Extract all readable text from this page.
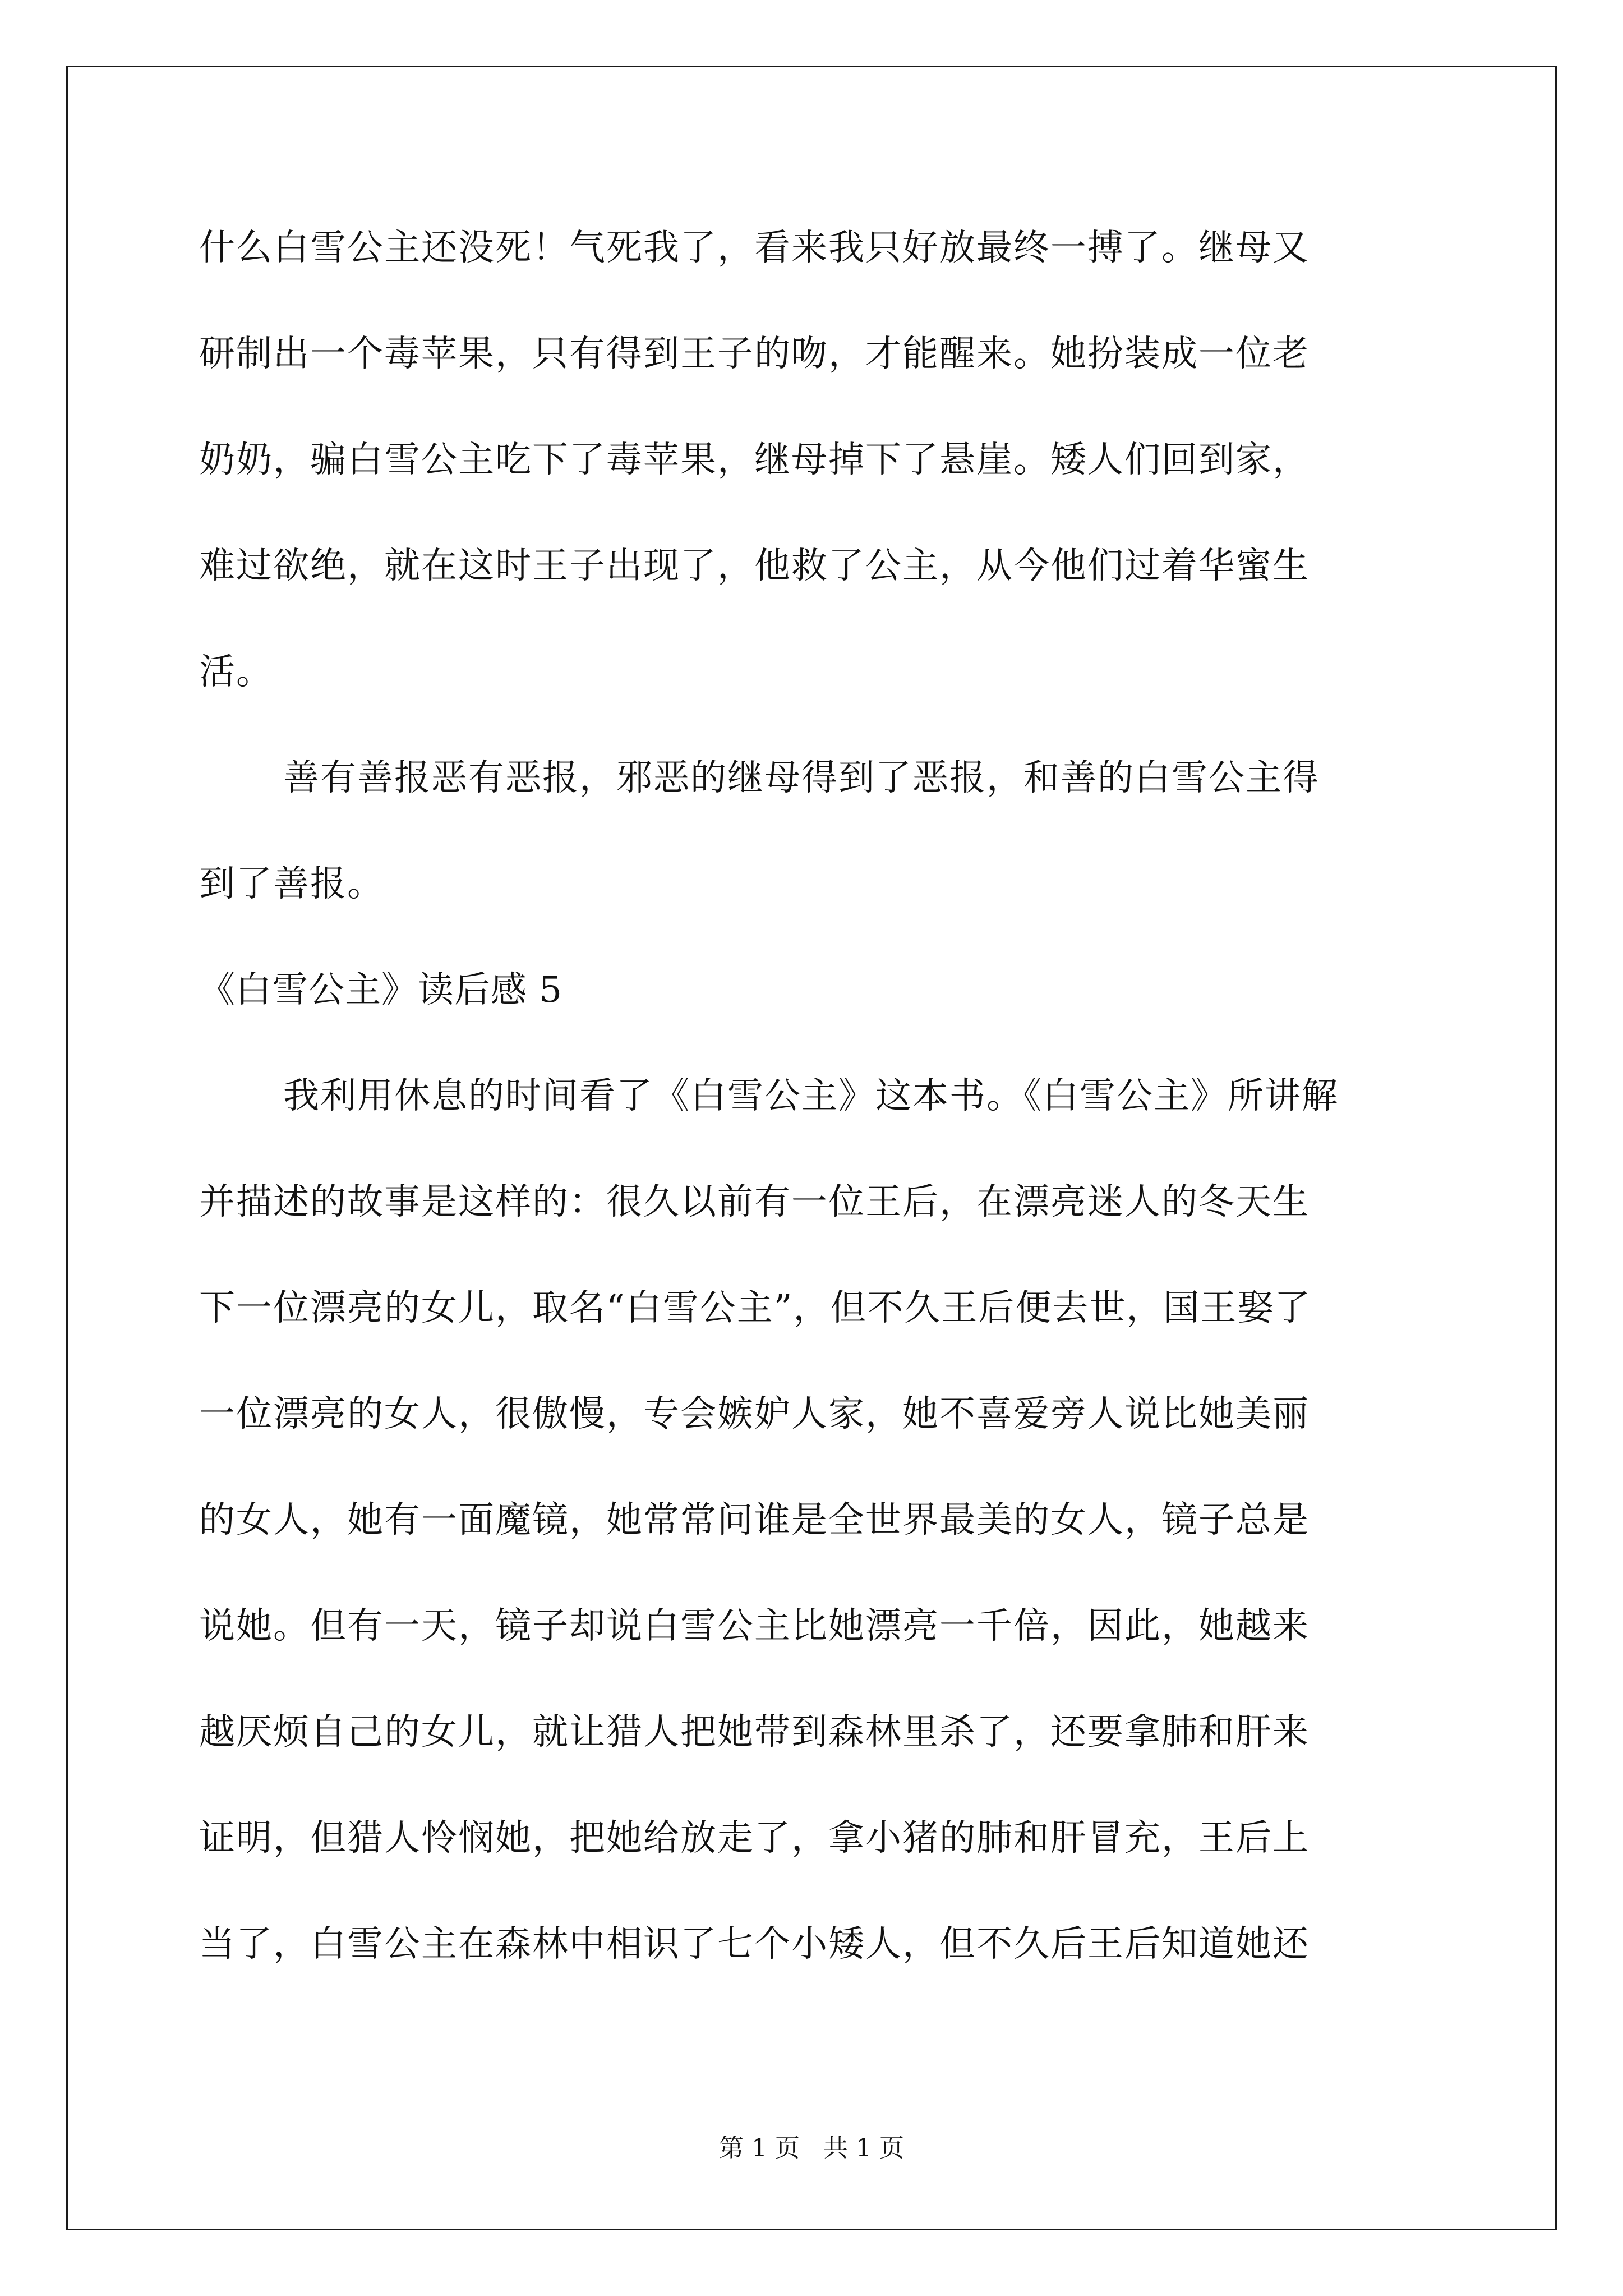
什么白雪公主还没死！气死我了，看来我只好放最终一搏了。继母又
研制出一个毒苹果，只有得到王子的吻，才能醒来。她扮装成一位老
奶奶，骗白雪公主吃下了毒苹果，继母掉下了悬崖。矮人们回到家，
难过欲绝，就在这时王子出现了，他救了公主，从今他们过着华蜜生
活。
善有善报恶有恶报，邪恶的继母得到了恶报，和善的白雪公主得
到了善报。
《白雪公主》读后感 5
我利用休息的时间看了《白雪公主》这本书。《白雪公主》所讲解
并描述的故事是这样的：很久以前有一位王后，在漂亮迷人的冬天生
下一位漂亮的女儿，取名“白雪公主”，但不久王后便去世，国王娶了
一位漂亮的女人，很傲慢，专会嫉妒人家，她不喜爱旁人说比她美丽
的女人，她有一面魔镜，她常常问谁是全世界最美的女人，镜子总是
说她。但有一天，镜子却说白雪公主比她漂亮一千倍，因此，她越来
越厌烦自己的女儿，就让猎人把她带到森林里杀了，还要拿肺和肝来
证明，但猎人怜悯她，把她给放走了，拿小猪的肺和肝冒充，王后上
当了，白雪公主在森林中相识了七个小矮人，但不久后王后知道她还
第 1 页   共 1 页
